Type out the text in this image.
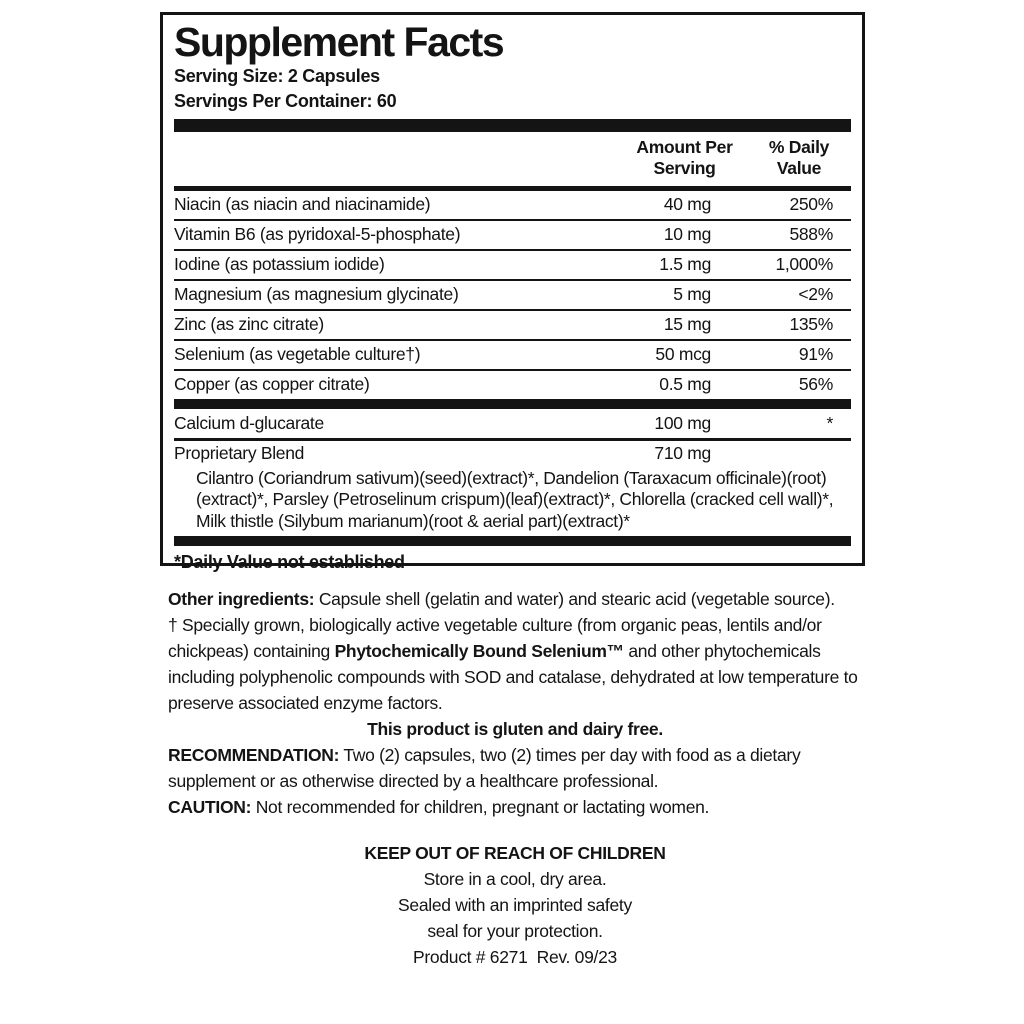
Supplement Facts
Serving Size: 2 Capsules
Servings Per Container: 60
Amount Per Serving
% Daily Value
Niacin (as niacin and niacinamide)	40 mg	250%
Vitamin B6 (as pyridoxal-5-phosphate)	10 mg	588%
Iodine (as potassium iodide)	1.5 mg	1,000%
Magnesium (as magnesium glycinate)	5 mg	<2%
Zinc (as zinc citrate)	15 mg	135%
Selenium (as vegetable culture†)	50 mcg	91%
Copper (as copper citrate)	0.5 mg	56%
Calcium d-glucarate	100 mg	*
Proprietary Blend	710 mg
Cilantro (Coriandrum sativum)(seed)(extract)*, Dandelion (Taraxacum officinale)(root) (extract)*, Parsley (Petroselinum crispum)(leaf)(extract)*, Chlorella (cracked cell wall)*, Milk thistle (Silybum marianum)(root & aerial part)(extract)*
*Daily Value not established

Other ingredients: Capsule shell (gelatin and water) and stearic acid (vegetable source).

† Specially grown, biologically active vegetable culture (from organic peas, lentils and/or chickpeas) containing Phytochemically Bound Selenium™ and other phytochemicals including polyphenolic compounds with SOD and catalase, dehydrated at low temperature to preserve associated enzyme factors.

This product is gluten and dairy free.

RECOMMENDATION: Two (2) capsules, two (2) times per day with food as a dietary supplement or as otherwise directed by a healthcare professional.

CAUTION: Not recommended for children, pregnant or lactating women.

KEEP OUT OF REACH OF CHILDREN
Store in a cool, dry area.
Sealed with an imprinted safety
seal for your protection.

Product # 6271  Rev. 09/23
